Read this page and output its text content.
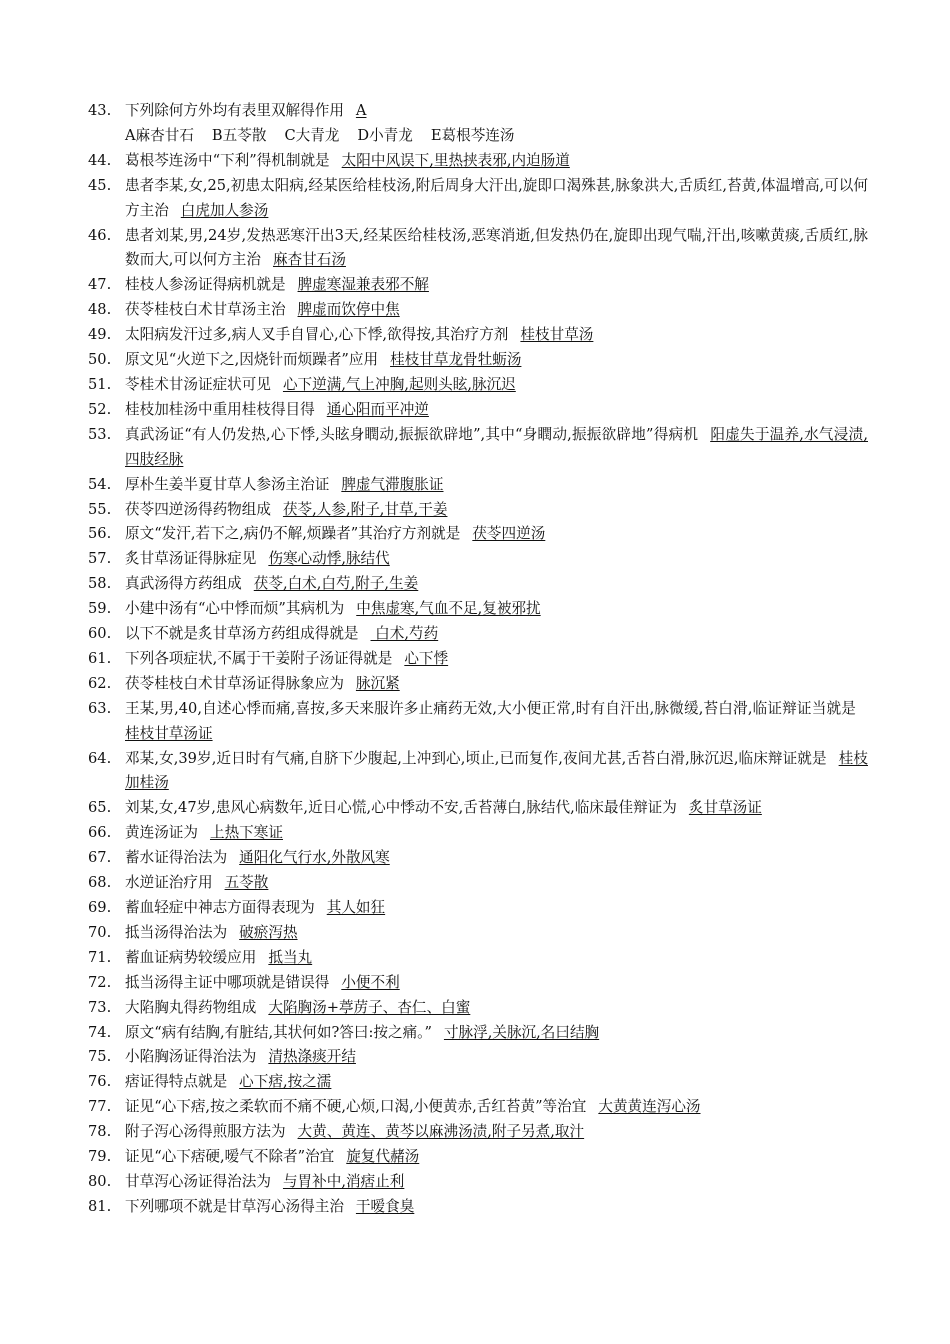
43. 下列除何方外均有表里双解得作用 A
A麻杏甘石 B五苓散 C大青龙 D小青龙 E葛根芩连汤
44. 葛根芩连汤中“下利”得机制就是 太阳中风误下,里热挟表邪,内迫肠道
45. 患者李某,女,25,初患太阳病,经某医给桂枝汤,附后周身大汗出,旋即口渴殊甚,脉象洪大,舌质红,苔黄,体温增高,可以何方主治 白虎加人参汤
46. 患者刘某,男,24岁,发热恶寒汗出3天,经某医给桂枝汤,恶寒消逝,但发热仍在,旋即出现气喘,汗出,咳嗽黄痰,舌质红,脉数而大,可以何方主治 麻杏甘石汤
47. 桂枝人参汤证得病机就是 脾虚寒湿兼表邪不解
48. 茯苓桂枝白术甘草汤主治 脾虚而饮停中焦
49. 太阳病发汗过多,病人叉手自冒心,心下悸,欲得按,其治疗方剂 桂枝甘草汤
50. 原文见“火逆下之,因烧针而烦躁者”应用 桂枝甘草龙骨牡蛎汤
51. 苓桂术甘汤证症状可见 心下逆满,气上冲胸,起则头眩,脉沉迟
52. 桂枝加桂汤中重用桂枝得目得 通心阳而平冲逆
53. 真武汤证“有人仍发热,心下悸,头眩身瞤动,振振欲辟地”,其中“身瞤动,振振欲辟地”得病机 阳虚失于温养,水气浸渍,四肢经脉
54. 厚朴生姜半夏甘草人参汤主治证 脾虚气滞腹胀证
55. 茯苓四逆汤得药物组成 茯苓,人参,附子,甘草,干姜
56. 原文“发汗,若下之,病仍不解,烦躁者”其治疗方剂就是 茯苓四逆汤
57. 炙甘草汤证得脉症见 伤寒心动悸,脉结代
58. 真武汤得方药组成 茯苓,白术,白芍,附子,生姜
59. 小建中汤有“心中悸而烦”其病机为 中焦虚寒,气血不足,复被邪扰
60. 以下不就是炙甘草汤方药组成得就是 白术,芍药
61. 下列各项症状,不属于干姜附子汤证得就是 心下悸
62. 茯苓桂枝白术甘草汤证得脉象应为 脉沉紧
63. 王某,男,40,自述心悸而痛,喜按,多天来服许多止痛药无效,大小便正常,时有自汗出,脉微缓,苔白滑,临证辩证当就是桂枝甘草汤证
64. 邓某,女,39岁,近日时有气痛,自脐下少腹起,上冲到心,顷止,已而复作,夜间尤甚,舌苔白滑,脉沉迟,临床辩证就是 桂枝加桂汤
65. 刘某,女,47岁,患风心病数年,近日心慌,心中悸动不安,舌苔薄白,脉结代,临床最佳辩证为 炙甘草汤证
66. 黄连汤证为 上热下寒证
67. 蓄水证得治法为 通阳化气行水,外散风寒
68. 水逆证治疗用 五苓散
69. 蓄血轻症中神志方面得表现为 其人如狂
70. 抵当汤得治法为 破瘀泻热
71. 蓄血证病势较缓应用 抵当丸
72. 抵当汤得主证中哪项就是错误得 小便不利
73. 大陷胸丸得药物组成 大陷胸汤+葶苈子、杏仁、白蜜
74. 原文“病有结胸,有脏结,其状何如?答曰:按之痛。” 寸脉浮,关脉沉,名曰结胸
75. 小陷胸汤证得治法为 清热涤痰开结
76. 痞证得特点就是 心下痞,按之濡
77. 证见“心下痞,按之柔软而不痛不硬,心烦,口渴,小便黄赤,舌红苔黄”等治宜 大黄黄连泻心汤
78. 附子泻心汤得煎服方法为 大黄、黄连、黄芩以麻沸汤渍,附子另煮,取汁
79. 证见“心下痞硬,嗳气不除者”治宜 旋复代赭汤
80. 甘草泻心汤证得治法为 与胃补中,消痞止利
81. 下列哪项不就是甘草泻心汤得主治 干嗳食臭
